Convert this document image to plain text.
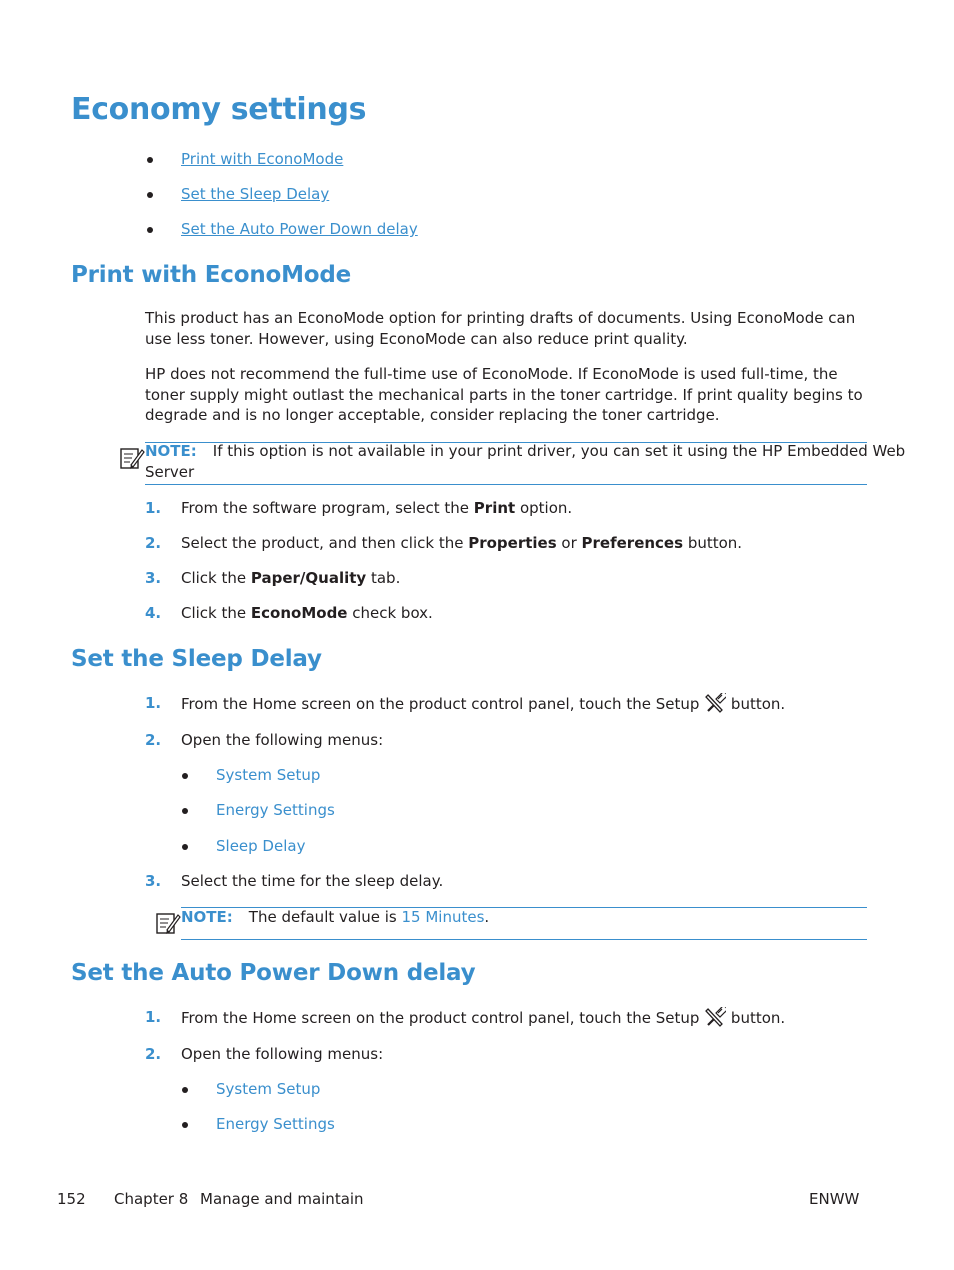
Economy settings
Print with EconoMode
Set the Sleep Delay
Set the Auto Power Down delay
Print with EconoMode

This product has an EconoMode option for printing drafts of documents. Using EconoMode can use less toner. However, using EconoMode can also reduce print quality.

HP does not recommend the full-time use of EconoMode. If EconoMode is used full-time, the toner supply might outlast the mechanical parts in the toner cartridge. If print quality begins to degrade and is no longer acceptable, consider replacing the toner cartridge.

NOTE: If this option is not available in your print driver, you can set it using the HP Embedded Web
Server
1. From the software program, select the Print option.
2. Select the product, and then click the Properties or Preferences button.
3. Click the Paper/Quality tab.
4. Click the EconoMode check box.
Set the Sleep Delay
1. From the Home screen on the product control panel, touch the Setup button.
2. Open the following menus:
System Setup
Energy Settings
Sleep Delay
3. Select the time for the sleep delay.
NOTE: The default value is 15 Minutes.
Set the Auto Power Down delay
1. From the Home screen on the product control panel, touch the Setup button.
2. Open the following menus:
System Setup
Energy Settings
152 Chapter 8 Manage and maintain	ENWW
